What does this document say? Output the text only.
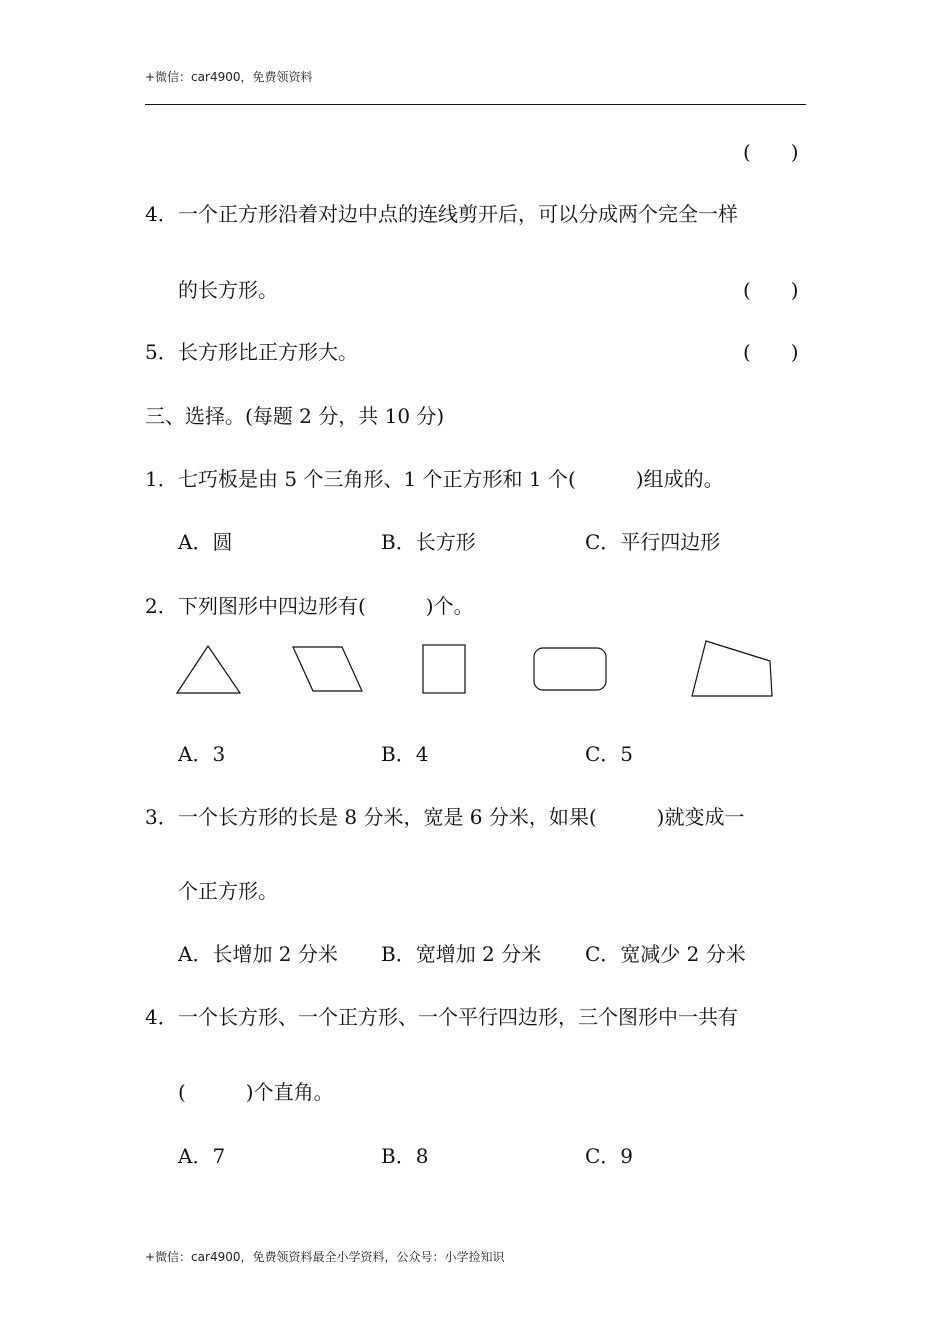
+微信：car4900，免费领资料
(　　)
4． 一个正方形沿着对边中点的连线剪开后，可以分成两个完全一样
的长方形。	(　　)
5． 长方形比正方形大。	(　　)
三、选择。(每题 2 分，共 10 分)
1． 七巧板是由 5 个三角形、1 个正方形和 1 个(　　　)组成的。
A．圆	B．长方形	C．平行四边形
2． 下列图形中四边形有(　　　)个。
A．3	B．4	C．5
3． 一个长方形的长是 8 分米，宽是 6 分米，如果(　　　)就变成一
个正方形。
A．长增加 2 分米 B．宽增加 2 分米 C．宽减少 2 分米
4． 一个长方形、一个正方形、一个平行四边形，三个图形中一共有
(　　　)个直角。
A．7	B．8	C．9
+微信：car4900，免费领资料最全小学资料，公众号：小学捡知识
